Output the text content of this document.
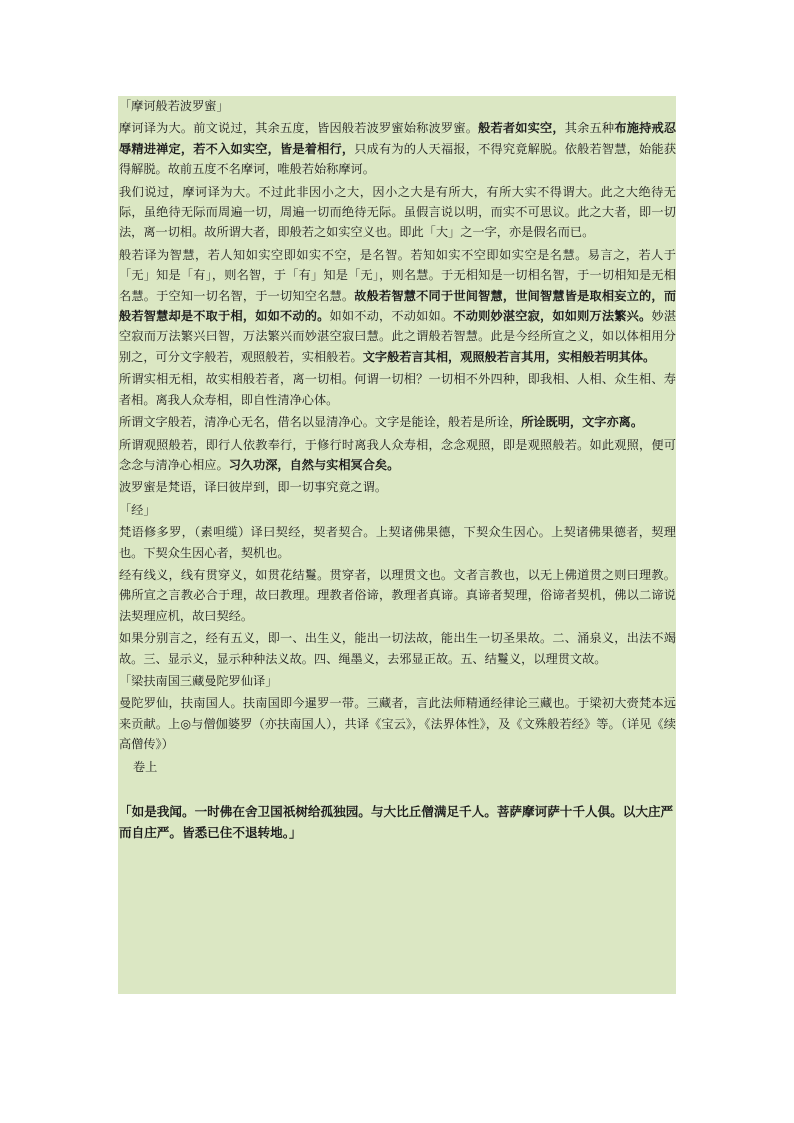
「摩诃般若波罗蜜」
摩诃译为大。前文说过，其余五度，皆因般若波罗蜜始称波罗蜜。般若者如实空，其余五种布施持戒忍辱精进禅定，若不入如实空，皆是着相行，只成有为的人天福报，不得究竟解脱。依般若智慧，始能获得解脱。故前五度不名摩诃，唯般若始称摩诃。
我们说过，摩诃译为大。不过此非因小之大，因小之大是有所大，有所大实不得谓大。此之大绝待无际，虽绝待无际而周遍一切，周遍一切而绝待无际。虽假言说以明，而实不可思议。此之大者，即一切法，离一切相。故所谓大者，即般若之如实空义也。即此「大」之一字，亦是假名而已。
般若译为智慧，若人知如实空即如实不空，是名智。若知如实不空即如实空是名慧。易言之，若人于「无」知是「有」，则名智，于「有」知是「无」，则名慧。于无相知是一切相名智，于一切相知是无相名慧。于空知一切名智，于一切知空名慧。故般若智慧不同于世间智慧，世间智慧皆是取相妄立的，而般若智慧却是不取于相，如如不动的。如如不动，不动如如。不动则妙湛空寂，如如则万法繁兴。妙湛空寂而万法繁兴曰智，万法繁兴而妙湛空寂曰慧。此之谓般若智慧。此是今经所宣之义，如以体相用分别之，可分文字般若，观照般若，实相般若。文字般若言其相，观照般若言其用，实相般若明其体。
所谓实相无相，故实相般若者，离一切相。何谓一切相？一切相不外四种，即我相、人相、众生相、寿者相。离我人众寿相，即自性清净心体。
所谓文字般若，清净心无名，借名以显清净心。文字是能诠，般若是所诠，所诠既明，文字亦离。
所谓观照般若，即行人依教奉行，于修行时离我人众寿相，念念观照，即是观照般若。如此观照，便可念念与清净心相应。习久功深，自然与实相冥合矣。
波罗蜜是梵语，译曰彼岸到，即一切事究竟之谓。
「经」
梵语修多罗，（素呾缆）译曰契经，契者契合。上契诸佛果德，下契众生因心。上契诸佛果德者，契理也。下契众生因心者，契机也。
经有线义，线有贯穿义，如贯花结鬘。贯穿者，以理贯文也。文者言教也，以无上佛道贯之则曰理教。佛所宣之言教必合于理，故曰教理。理教者俗谛，教理者真谛。真谛者契理，俗谛者契机，佛以二谛说法契理应机，故曰契经。
如果分别言之，经有五义，即一、出生义，能出一切法故，能出生一切圣果故。二、涌泉义，出法不竭故。三、显示义，显示种种法义故。四、绳墨义，去邪显正故。五、结鬘义，以理贯文故。
「梁扶南国三藏曼陀罗仙译」
曼陀罗仙，扶南国人。扶南国即今暹罗一带。三藏者，言此法师精通经律论三藏也。于梁初大赍梵本远来贡献。上◎与僧伽婆罗（亦扶南国人），共译《宝云》，《法界体性》，及《文殊般若经》等。（详见《续高僧传》）
卷上
「如是我闻。一时佛在舍卫国祇树给孤独园。与大比丘僧满足千人。菩萨摩诃萨十千人俱。以大庄严而自庄严。皆悉已住不退转地。」
